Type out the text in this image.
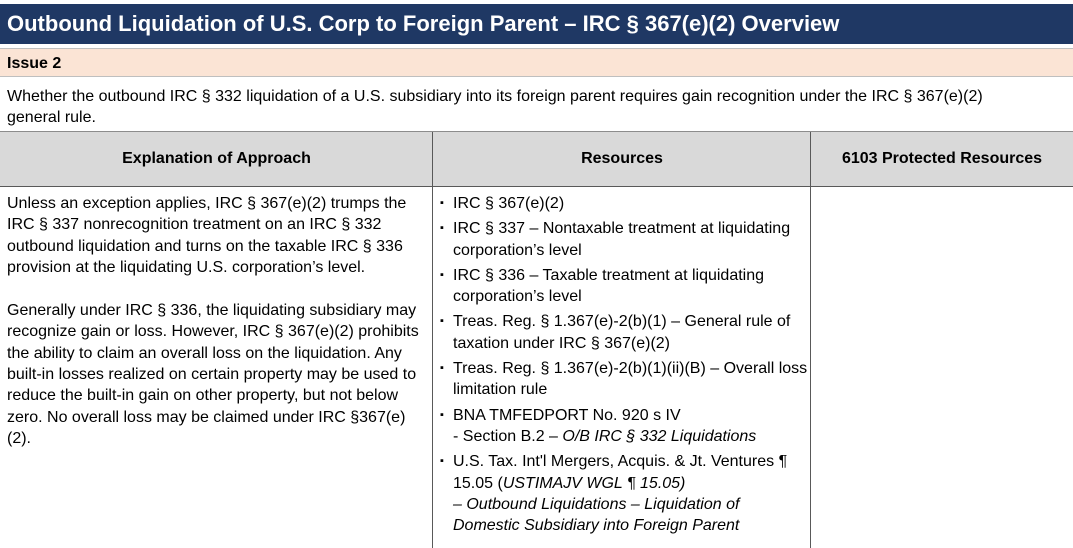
Outbound Liquidation of U.S. Corp to Foreign Parent – IRC § 367(e)(2) Overview
Issue 2
Whether the outbound IRC § 332 liquidation of a U.S. subsidiary into its foreign parent requires gain recognition under the IRC § 367(e)(2) general rule.
Explanation of Approach	Resources	6103 Protected Resources

Unless an exception applies, IRC § 367(e)(2) trumps the IRC § 337 nonrecognition treatment on an IRC § 332 outbound liquidation and turns on the taxable IRC § 336 provision at the liquidating U.S. corporation’s level.

Generally under IRC § 336, the liquidating subsidiary may recognize gain or loss. However, IRC § 367(e)(2) prohibits the ability to claim an overall loss on the liquidation. Any built-in losses realized on certain property may be used to reduce the built-in gain on other property, but not below zero. No overall loss may be claimed under IRC §367(e)(2).

▪ IRC § 367(e)(2)
▪ IRC § 337 – Nontaxable treatment at liquidating corporation’s level
▪ IRC § 336 – Taxable treatment at liquidating corporation’s level
▪ Treas. Reg. § 1.367(e)-2(b)(1) – General rule of taxation under IRC § 367(e)(2)
▪ Treas. Reg. § 1.367(e)-2(b)(1)(ii)(B) – Overall loss limitation rule
▪ BNA TMFEDPORT No. 920 s IV
- Section B.2 – O/B IRC § 332 Liquidations
▪ U.S. Tax. Int'l Mergers, Acquis. & Jt. Ventures ¶ 15.05 (USTIMAJV WGL ¶ 15.05)
– Outbound Liquidations – Liquidation of Domestic Subsidiary into Foreign Parent
